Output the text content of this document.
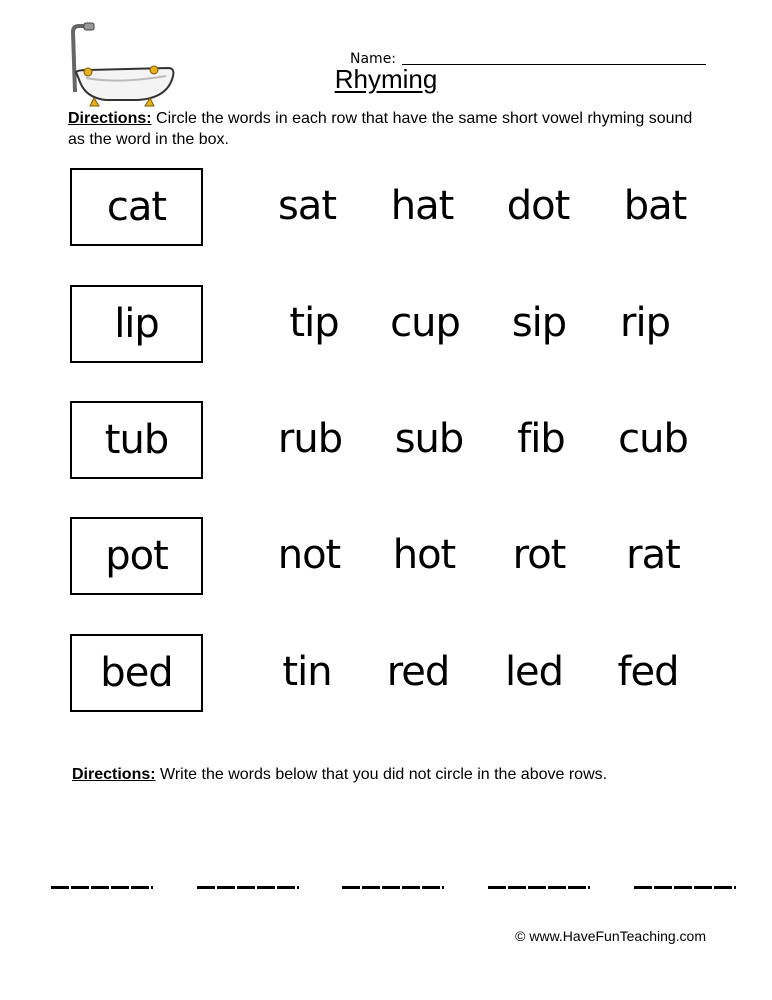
Name:
Rhyming
Directions: Circle the words in each row that have the same short vowel rhyming sound as the word in the box.
cat	sat	hat	dot	bat
lip	tip	cup	sip	rip
tub	rub	sub	fib	cub
pot	not	hot	rot	rat
bed	tin	red	led	fed
Directions: Write the words below that you did not circle in the above rows.
© www.HaveFunTeaching.com
